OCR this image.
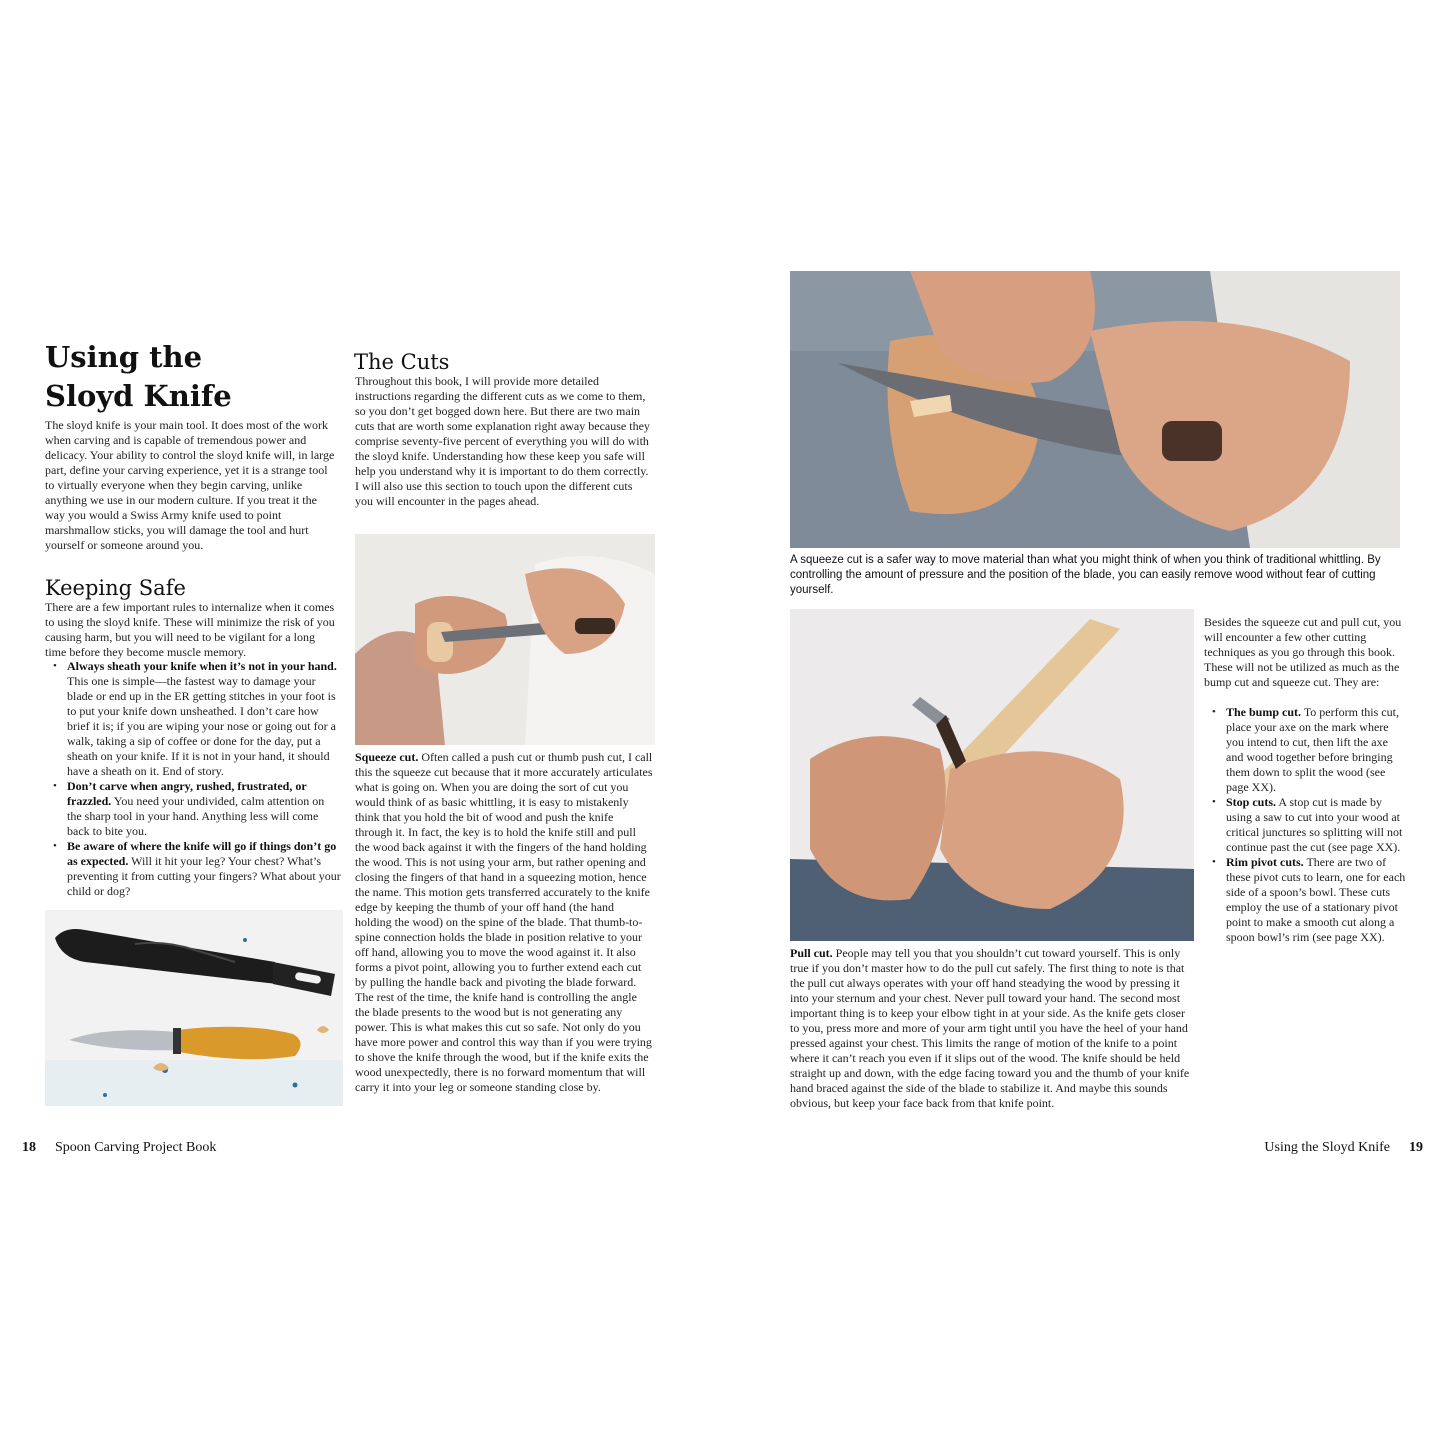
Using the
Sloyd Knife

The sloyd knife is your main tool. It does most of the work when carving and is capable of tremendous power and delicacy. Your ability to control the sloyd knife will, in large part, define your carving experience, yet it is a strange tool to virtually everyone when they begin carving, unlike anything we use in our modern culture. If you treat it the way you would a Swiss Army knife used to point marshmallow sticks, you will damage the tool and hurt yourself or someone around you.

Keeping Safe

There are a few important rules to internalize when it comes to using the sloyd knife. These will minimize the risk of you causing harm, but you will need to be vigilant for a long time before they become muscle memory.

• Always sheath your knife when it’s not in your hand. This one is simple—the fastest way to damage your blade or end up in the ER getting stitches in your foot is to put your knife down unsheathed. I don’t care how brief it is; if you are wiping your nose or going out for a walk, taking a sip of coffee or done for the day, put a sheath on your knife. If it is not in your hand, it should have a sheath on it. End of story.
• Don’t carve when angry, rushed, frustrated, or frazzled. You need your undivided, calm attention on the sharp tool in your hand. Anything less will come back to bite you.
• Be aware of where the knife will go if things don’t go as expected. Will it hit your leg? Your chest? What’s preventing it from cutting your fingers? What about your child or dog?
The Cuts

Throughout this book, I will provide more detailed instructions regarding the different cuts as we come to them, so you don’t get bogged down here. But there are two main cuts that are worth some explanation right away because they comprise seventy-five percent of everything you will do with the sloyd knife. Understanding how these keep you safe will help you understand why it is important to do them correctly. I will also use this section to touch upon the different cuts you will encounter in the pages ahead.

Squeeze cut. Often called a push cut or thumb push cut, I call this the squeeze cut because that it more accurately articulates what is going on. When you are doing the sort of cut you would think of as basic whittling, it is easy to mistakenly think that you hold the bit of wood and push the knife through it. In fact, the key is to hold the knife still and pull the wood back against it with the fingers of the hand holding the wood. This is not using your arm, but rather opening and closing the fingers of that hand in a squeezing motion, hence the name. This motion gets transferred accurately to the knife edge by keeping the thumb of your off hand (the hand holding the wood) on the spine of the blade. That thumb-to-spine connection holds the blade in position relative to your off hand, allowing you to move the wood against it. It also forms a pivot point, allowing you to further extend each cut by pulling the handle back and pivoting the blade forward. The rest of the time, the knife hand is controlling the angle the blade presents to the wood but is not generating any power. This is what makes this cut so safe. Not only do you have more power and control this way than if you were trying to shove the knife through the wood, but if the knife exits the wood unexpectedly, there is no forward momentum that will carry it into your leg or someone standing close by.

18 Spoon Carving Project Book

A squeeze cut is a safer way to move material than what you might think of when you think of traditional whittling. By controlling the amount of pressure and the position of the blade, you can easily remove wood without fear of cutting yourself.

Pull cut. People may tell you that you shouldn’t cut toward yourself. This is only true if you don’t master how to do the pull cut safely. The first thing to note is that the pull cut always operates with your off hand steadying the wood by pressing it into your sternum and your chest. Never pull toward your hand. The second most important thing is to keep your elbow tight in at your side. As the knife gets closer to you, press more and more of your arm tight until you have the heel of your hand pressed against your chest. This limits the range of motion of the knife to a point where it can’t reach you even if it slips out of the wood. The knife should be held straight up and down, with the edge facing toward you and the thumb of your knife hand braced against the side of the blade to stabilize it. And maybe this sounds obvious, but keep your face back from that knife point.

Besides the squeeze cut and pull cut, you will encounter a few other cutting techniques as you go through this book. These will not be utilized as much as the bump cut and squeeze cut. They are:

• The bump cut. To perform this cut, place your axe on the mark where you intend to cut, then lift the axe and wood together before bringing them down to split the wood (see page XX).
• Stop cuts. A stop cut is made by using a saw to cut into your wood at critical junctures so splitting will not continue past the cut (see page XX).
• Rim pivot cuts. There are two of these pivot cuts to learn, one for each side of a spoon’s bowl. These cuts employ the use of a stationary pivot point to make a smooth cut along a spoon bowl’s rim (see page XX).
Using the Sloyd Knife 19
